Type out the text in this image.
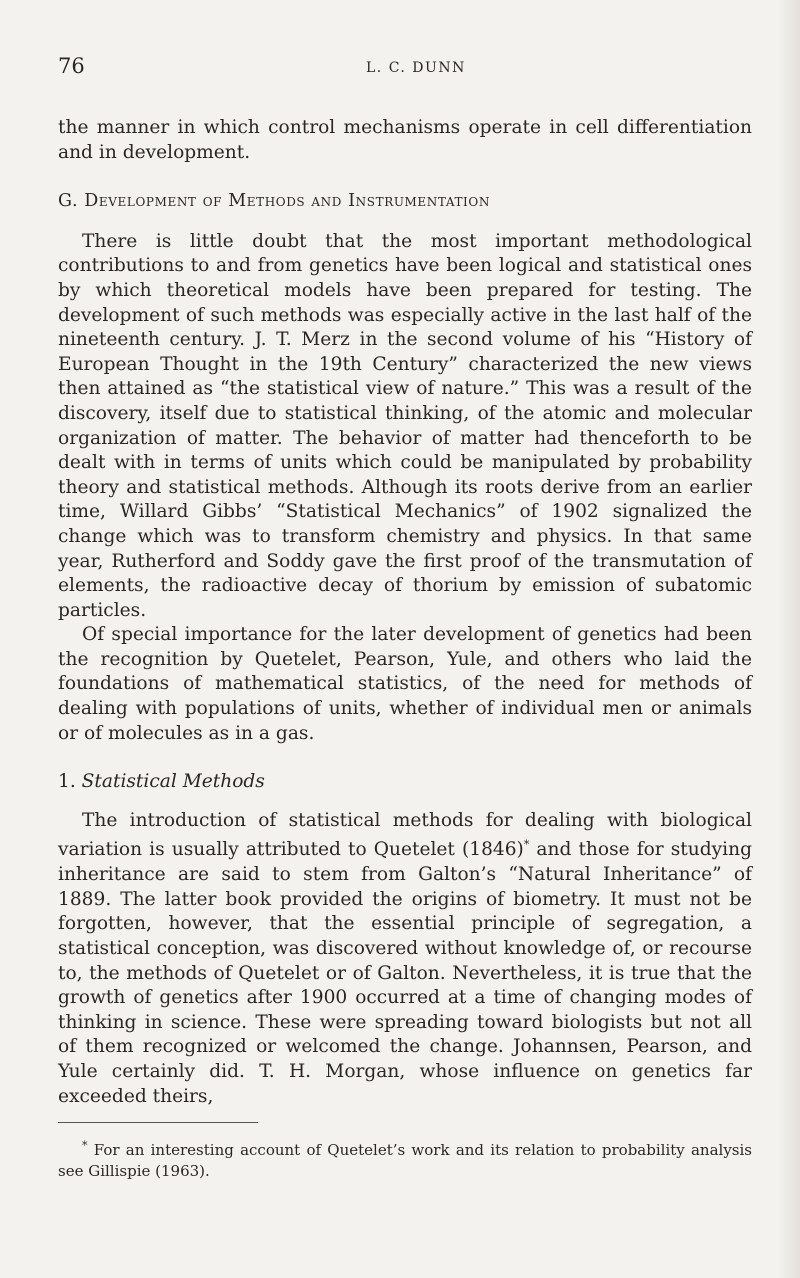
76	L. C. DUNN

the manner in which control mechanisms operate in cell differentiation and in development.

G. Development of Methods and Instrumentation

There is little doubt that the most important methodological contributions to and from genetics have been logical and statistical ones by which theoretical models have been prepared for testing. The development of such methods was especially active in the last half of the nineteenth century. J. T. Merz in the second volume of his “History of European Thought in the 19th Century” characterized the new views then attained as “the statistical view of nature.” This was a result of the discovery, itself due to statistical thinking, of the atomic and molecular organization of matter. The behavior of matter had thenceforth to be dealt with in terms of units which could be manipulated by probability theory and statistical methods. Although its roots derive from an earlier time, Willard Gibbs’ “Statistical Mechanics” of 1902 signalized the change which was to transform chemistry and physics. In that same year, Rutherford and Soddy gave the first proof of the transmutation of elements, the radioactive decay of thorium by emission of subatomic particles.

Of special importance for the later development of genetics had been the recognition by Quetelet, Pearson, Yule, and others who laid the foundations of mathematical statistics, of the need for methods of dealing with populations of units, whether of individual men or animals or of molecules as in a gas.

1. Statistical Methods

The introduction of statistical methods for dealing with biological variation is usually attributed to Quetelet (1846)* and those for studying inheritance are said to stem from Galton’s “Natural Inheritance” of 1889. The latter book provided the origins of biometry. It must not be forgotten, however, that the essential principle of segregation, a statistical conception, was discovered without knowledge of, or recourse to, the methods of Quetelet or of Galton. Nevertheless, it is true that the growth of genetics after 1900 occurred at a time of changing modes of thinking in science. These were spreading toward biologists but not all of them recognized or welcomed the change. Johannsen, Pearson, and Yule certainly did. T. H. Morgan, whose influence on genetics far exceeded theirs,

* For an interesting account of Quetelet’s work and its relation to probability analysis see Gillispie (1963).
